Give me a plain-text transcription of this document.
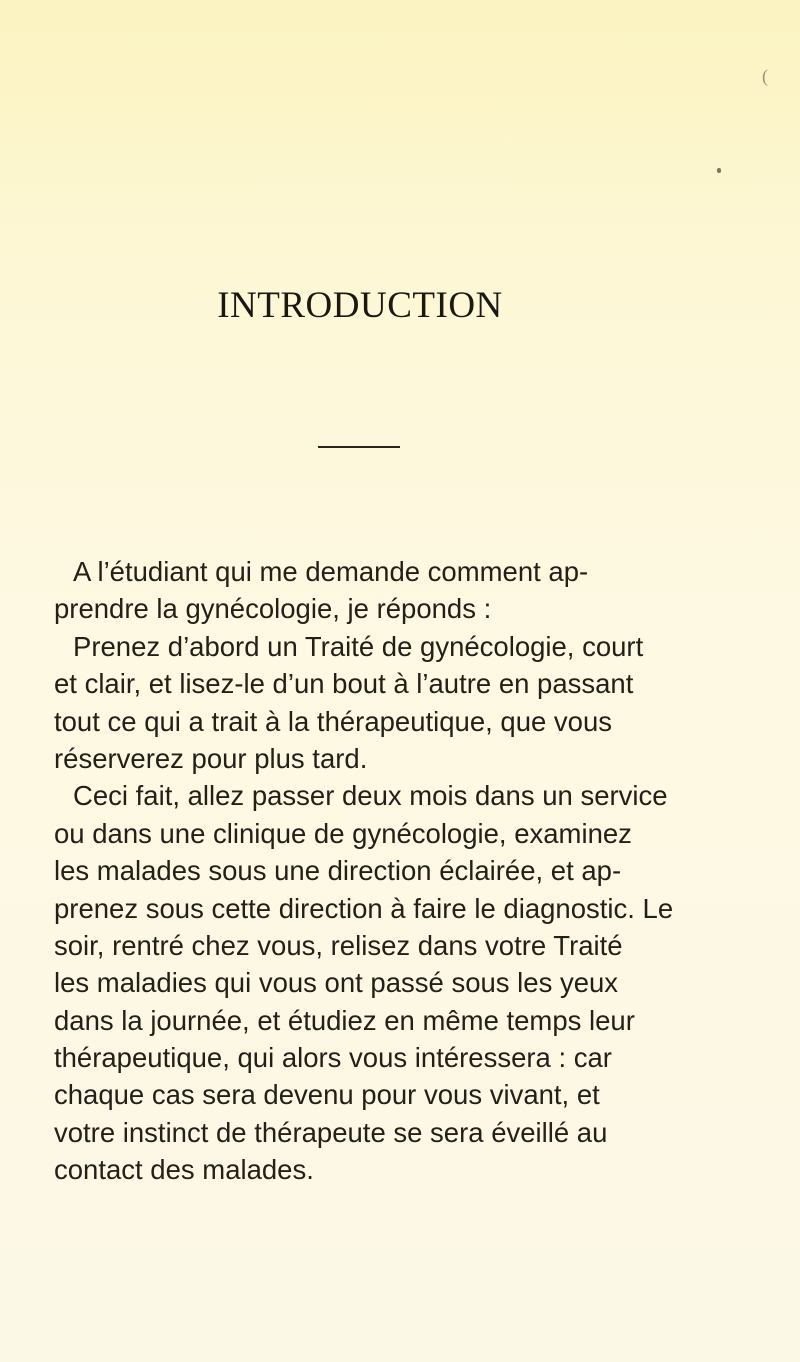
(
INTRODUCTION
A l’étudiant qui me demande comment ap-
prendre la gynécologie, je réponds :
Prenez d’abord un Traité de gynécologie, court
et clair, et lisez-le d’un bout à l’autre en passant
tout ce qui a trait à la thérapeutique, que vous
réserverez pour plus tard.
Ceci fait, allez passer deux mois dans un service
ou dans une clinique de gynécologie, examinez
les malades sous une direction éclairée, et ap-
prenez sous cette direction à faire le diagnostic. Le
soir, rentré chez vous, relisez dans votre Traité
les maladies qui vous ont passé sous les yeux
dans la journée, et étudiez en même temps leur
thérapeutique, qui alors vous intéressera : car
chaque cas sera devenu pour vous vivant, et
votre instinct de thérapeute se sera éveillé au
contact des malades.
